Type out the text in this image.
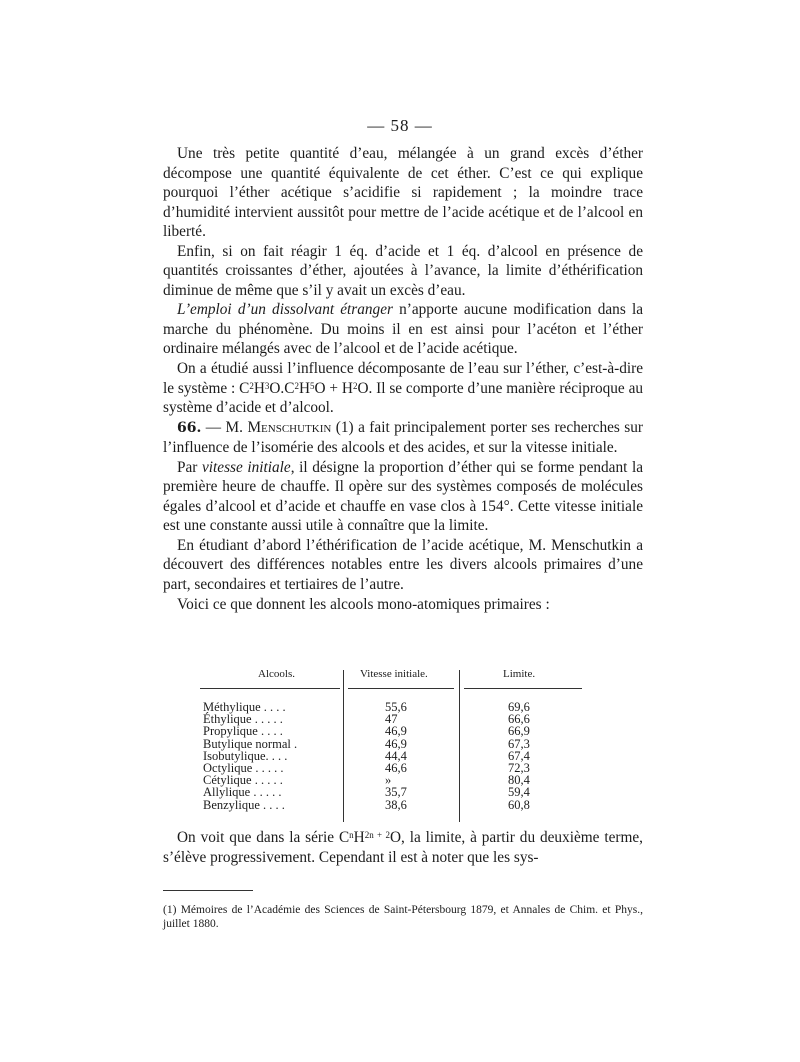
— 58 —

Une très petite quantité d’eau, mélangée à un grand excès d’éther décompose une quantité équivalente de cet éther. C’est ce qui explique pourquoi l’éther acétique s’acidifie si rapidement ; la moindre trace d’humidité intervient aussitôt pour mettre de l’acide acétique et de l’alcool en liberté.

Enfin, si on fait réagir 1 éq. d’acide et 1 éq. d’alcool en présence de quantités croissantes d’éther, ajoutées à l’avance, la limite d’éthérification diminue de même que s’il y avait un excès d’eau.

L’emploi d’un dissolvant étranger n’apporte aucune modification dans la marche du phénomène. Du moins il en est ainsi pour l’acéton et l’éther ordinaire mélangés avec de l’alcool et de l’acide acétique.

On a étudié aussi l’influence décomposante de l’eau sur l’éther, c’est-à-dire le système : $C^2H^3O.C^2H^5O + H^2O$. Il se comporte d’une manière réciproque au système d’acide et d’alcool.

66. — M. Menschutkin (1) a fait principalement porter ses recherches sur l’influence de l’isomérie des alcools et des acides, et sur la vitesse initiale.

Par vitesse initiale, il désigne la proportion d’éther qui se forme pendant la première heure de chauffe. Il opère sur des systèmes composés de molécules égales d’alcool et d’acide et chauffe en vase clos à 154°. Cette vitesse initiale est une constante aussi utile à connaître que la limite.

En étudiant d’abord l’éthérification de l’acide acétique, M. Menschutkin a découvert des différences notables entre les divers alcools primaires d’une part, secondaires et tertiaires de l’autre.

Voici ce que donnent les alcools mono-atomiques primaires :

Alcools.	Vitesse initiale.	Limite.
Méthylique . . . .	55,6	69,6
Éthylique . . . . .	47	66,6
Propylique . . . .	46,9	66,9
Butylique normal .	46,9	67,3
Isobutylique. . . .	44,4	67,4
Octylique . . . . .	46,6	72,3
Cétylique . . . . .	»	80,4
Allylique . . . . .	35,7	59,4
Benzylique . . . .	38,6	60,8

On voit que dans la série $C^nH^{2n + 2}O$, la limite, à partir du deuxième terme, s’élève progressivement. Cependant il est à noter que les sys-

(1) Mémoires de l’Académie des Sciences de Saint-Pétersbourg 1879, et Annales de Chim. et Phys., juillet 1880.
